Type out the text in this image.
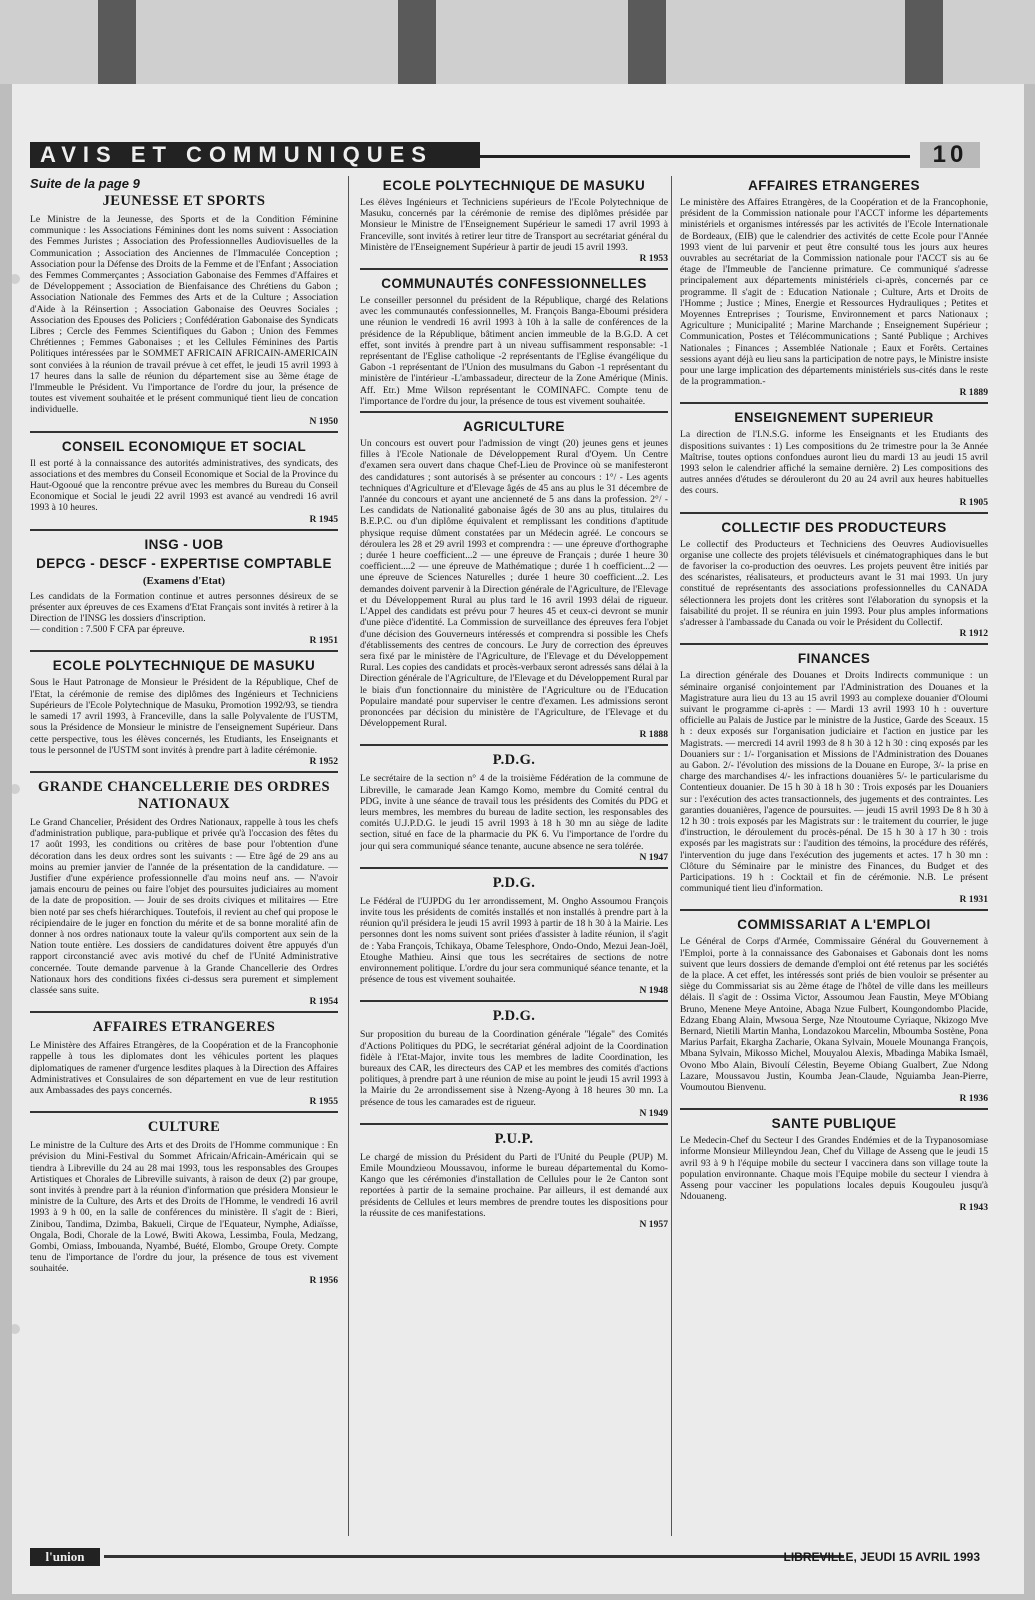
AVIS ET COMMUNIQUES	10
Suite de la page 9
JEUNESSE ET SPORTS

Le Ministre de la Jeunesse, des Sports et de la Condition Féminine communique : les Associations Féminines dont les noms suivent : Association des Femmes Juristes ; Association des Professionnelles Audiovisuelles de la Communication ; Association des Anciennes de l'Immaculée Conception ; Association pour la Défense des Droits de la Femme et de l'Enfant ; Association des Femmes Commerçantes ; Association Gabonaise des Femmes d'Affaires et de Développement ; Association de Bienfaisance des Chrétiens du Gabon ; Association Nationale des Femmes des Arts et de la Culture ; Association d'Aide à la Réinsertion ; Association Gabonaise des Oeuvres Sociales ; Association des Epouses des Policiers ; Confédération Gabonaise des Syndicats Libres ; Cercle des Femmes Scientifiques du Gabon ; Union des Femmes Chrétiennes ; Femmes Gabonaises ; et les Cellules Féminines des Partis Politiques intéressées par le SOMMET AFRICAIN AFRICAIN-AMERICAIN sont conviées à la réunion de travail prévue à cet effet, le jeudi 15 avril 1993 à 17 heures dans la salle de réunion du département sise au 3ème étage de l'Immeuble le Président. Vu l'importance de l'ordre du jour, la présence de toutes est vivement souhaitée et le présent communiqué tient lieu de concation individuelle.

N 1950
CONSEIL ECONOMIQUE ET SOCIAL

Il est porté à la connaissance des autorités administratives, des syndicats, des associations et des membres du Conseil Economique et Social de la Province du Haut-Ogooué que la rencontre prévue avec les membres du Bureau du Conseil Economique et Social le jeudi 22 avril 1993 est avancé au vendredi 16 avril 1993 à 10 heures.

R 1945
INSG - UOB
DEPCG - DESCF - EXPERTISE COMPTABLE
(Examens d'Etat)

Les candidats de la Formation continue et autres personnes désireux de se présenter aux épreuves de ces Examens d'Etat Français sont invités à retirer à la Direction de l'INSG les dossiers d'inscription.

— condition : 7.500 F CFA par épreuve.

R 1951
ECOLE POLYTECHNIQUE DE MASUKU

Sous le Haut Patronage de Monsieur le Président de la République, Chef de l'Etat, la cérémonie de remise des diplômes des Ingénieurs et Techniciens Supérieurs de l'Ecole Polytechnique de Masuku, Promotion 1992/93, se tiendra le samedi 17 avril 1993, à Franceville, dans la salle Polyvalente de l'USTM, sous la Présidence de Monsieur le ministre de l'enseignement Supérieur. Dans cette perspective, tous les élèves concernés, les Etudiants, les Enseignants et tous le personnel de l'USTM sont invités à prendre part à ladite cérémonie.

R 1952
GRANDE CHANCELLERIE DES ORDRES NATIONAUX

Le Grand Chancelier, Président des Ordres Nationaux, rappelle à tous les chefs d'administration publique, para-publique et privée qu'à l'occasion des fêtes du 17 août 1993, les conditions ou critères de base pour l'obtention d'une décoration dans les deux ordres sont les suivants : — Etre âgé de 29 ans au moins au premier janvier de l'année de la présentation de la candidature. — Justifier d'une expérience professionnelle d'au moins neuf ans. — N'avoir jamais encouru de peines ou faire l'objet des poursuites judiciaires au moment de la date de proposition. — Jouir de ses droits civiques et militaires — Etre bien noté par ses chefs hiérarchiques. Toutefois, il revient au chef qui propose le récipiendaire de le juger en fonction du mérite et de sa bonne moralité afin de donner à nos ordres nationaux toute la valeur qu'ils comportent aux sein de la Nation toute entière. Les dossiers de candidatures doivent être appuyés d'un rapport circonstancié avec avis motivé du chef de l'Unité Administrative concernée. Toute demande parvenue à la Grande Chancellerie des Ordres Nationaux hors des conditions fixées ci-dessus sera purement et simplement classée sans suite.

R 1954
AFFAIRES ETRANGERES

Le Ministère des Affaires Etrangères, de la Coopération et de la Francophonie rappelle à tous les diplomates dont les véhicules portent les plaques diplomatiques de ramener d'urgence lesdites plaques à la Direction des Affaires Administratives et Consulaires de son département en vue de leur restitution aux Ambassades des pays concernés.

R 1955
CULTURE

Le ministre de la Culture des Arts et des Droits de l'Homme communique : En prévision du Mini-Festival du Sommet Africain/Africain-Américain qui se tiendra à Libreville du 24 au 28 mai 1993, tous les responsables des Groupes Artistiques et Chorales de Libreville suivants, à raison de deux (2) par groupe, sont invités à prendre part à la réunion d'information que présidera Monsieur le ministre de la Culture, des Arts et des Droits de l'Homme, le vendredi 16 avril 1993 à 9 h 00, en la salle de conférences du ministère. Il s'agit de : Bieri, Zinibou, Tandima, Dzimba, Bakueli, Cirque de l'Equateur, Nymphe, Adiaïsse, Ongala, Bodi, Chorale de la Lowé, Bwiti Akowa, Lessimba, Foula, Medzang, Gombi, Omiass, Imbouanda, Nyambé, Buété, Elombo, Groupe Orety. Compte tenu de l'importance de l'ordre du jour, la présence de tous est vivement souhaitée.

R 1956
ECOLE POLYTECHNIQUE DE MASUKU

Les élèves Ingénieurs et Techniciens supérieurs de l'Ecole Polytechnique de Masuku, concernés par la cérémonie de remise des diplômes présidée par Monsieur le Ministre de l'Enseignement Supérieur le samedi 17 avril 1993 à Franceville, sont invités à retirer leur titre de Transport au secrétariat général du Ministère de l'Enseignement Supérieur à partir de jeudi 15 avril 1993.

R 1953
COMMUNAUTÉS CONFESSIONNELLES

Le conseiller personnel du président de la République, chargé des Relations avec les communautés confessionnelles, M. François Banga-Eboumi présidera une réunion le vendredi 16 avril 1993 à 10h à la salle de conférences de la présidence de la République, bâtiment ancien immeuble de la B.G.D. A cet effet, sont invités à prendre part à un niveau suffisamment responsable: -1 représentant de l'Eglise catholique -2 représentants de l'Eglise évangélique du Gabon -1 représentant de l'Union des musulmans du Gabon -1 représentant du ministère de l'intérieur -L'ambassadeur, directeur de la Zone Amérique (Minis. Aff. Etr.) Mme Wilson représentant le COMINAFC. Compte tenu de l'importance de l'ordre du jour, la présence de tous est vivement souhaitée.

AGRICULTURE

Un concours est ouvert pour l'admission de vingt (20) jeunes gens et jeunes filles à l'Ecole Nationale de Développement Rural d'Oyem. Un Centre d'examen sera ouvert dans chaque Chef-Lieu de Province où se manifesteront des candidatures ; sont autorisés à se présenter au concours : 1°/ - Les agents techniques d'Agriculture et d'Elevage âgés de 45 ans au plus le 31 décembre de l'année du concours et ayant une ancienneté de 5 ans dans la profession. 2°/ - Les candidats de Nationalité gabonaise âgés de 30 ans au plus, titulaires du B.E.P.C. ou d'un diplôme équivalent et remplissant les conditions d'aptitude physique requise dûment constatées par un Médecin agréé. Le concours se déroulera les 28 et 29 avril 1993 et comprendra : — une épreuve d'orthographe ; durée 1 heure coefficient...2 — une épreuve de Français ; durée 1 heure 30 coefficient....2 — une épreuve de Mathématique ; durée 1 h coefficient...2 — une épreuve de Sciences Naturelles ; durée 1 heure 30 coefficient...2. Les demandes doivent parvenir à la Direction générale de l'Agriculture, de l'Elevage et du Développement Rural au plus tard le 16 avril 1993 délai de rigueur. L'Appel des candidats est prévu pour 7 heures 45 et ceux-ci devront se munir d'une pièce d'identité. La Commission de surveillance des épreuves fera l'objet d'une décision des Gouverneurs intéressés et comprendra si possible les Chefs d'établissements des centres de concours. Le Jury de correction des épreuves sera fixé par le ministère de l'Agriculture, de l'Elevage et du Développement Rural. Les copies des candidats et procès-verbaux seront adressés sans délai à la Direction générale de l'Agriculture, de l'Elevage et du Développement Rural par le biais d'un fonctionnaire du ministère de l'Agriculture ou de l'Education Populaire mandaté pour superviser le centre d'examen. Les admissions seront prononcées par décision du ministère de l'Agriculture, de l'Elevage et du Développement Rural.

R 1888
P.D.G.

Le secrétaire de la section n° 4 de la troisième Fédération de la commune de Libreville, le camarade Jean Kamgo Komo, membre du Comité central du PDG, invite à une séance de travail tous les présidents des Comités du PDG et leurs membres, les membres du bureau de ladite section, les responsables des comités U.J.P.D.G. le jeudi 15 avril 1993 à 18 h 30 mn au siège de ladite section, situé en face de la pharmacie du PK 6. Vu l'importance de l'ordre du jour qui sera communiqué séance tenante, aucune absence ne sera tolérée.

N 1947
P.D.G.

Le Fédéral de l'UJPDG du 1er arrondissement, M. Ongho Assoumou François invite tous les présidents de comités installés et non installés à prendre part à la réunion qu'il présidera le jeudi 15 avril 1993 à partir de 18 h 30 à la Mairie. Les personnes dont les noms suivent sont priées d'assister à ladite réunion, il s'agit de : Yaba François, Tchikaya, Obame Telesphore, Ondo-Ondo, Mezui Jean-Joël, Etoughe Mathieu. Ainsi que tous les secrétaires de sections de notre environnement politique. L'ordre du jour sera communiqué séance tenante, et la présence de tous est vivement souhaitée.

N 1948
P.D.G.

Sur proposition du bureau de la Coordination générale "légale" des Comités d'Actions Politiques du PDG, le secrétariat général adjoint de la Coordination fidèle à l'Etat-Major, invite tous les membres de ladite Coordination, les bureaux des CAR, les directeurs des CAP et les membres des comités d'actions politiques, à prendre part à une réunion de mise au point le jeudi 15 avril 1993 à la Mairie du 2e arrondissement sise à Nzeng-Ayong à 18 heures 30 mn. La présence de tous les camarades est de rigueur.

N 1949
P.U.P.

Le chargé de mission du Président du Parti de l'Unité du Peuple (PUP) M. Emile Moundzieou Moussavou, informe le bureau départemental du Komo-Kango que les cérémonies d'installation de Cellules pour le 2e Canton sont reportées à partir de la semaine prochaine. Par ailleurs, il est demandé aux présidents de Cellules et leurs membres de prendre toutes les dispositions pour la réussite de ces manifestations.

N 1957
AFFAIRES ETRANGERES

Le ministère des Affaires Etrangères, de la Coopération et de la Francophonie, président de la Commission nationale pour l'ACCT informe les départements ministériels et organismes intéressés par les activités de l'Ecole Internationale de Bordeaux, (EIB) que le calendrier des activités de cette Ecole pour l'Année 1993 vient de lui parvenir et peut être consulté tous les jours aux heures ouvrables au secrétariat de la Commission nationale pour l'ACCT sis au 6e étage de l'Immeuble de l'ancienne primature. Ce communiqué s'adresse principalement aux départements ministériels ci-après, concernés par ce programme. Il s'agit de : Education Nationale ; Culture, Arts et Droits de l'Homme ; Justice ; Mines, Energie et Ressources Hydrauliques ; Petites et Moyennes Entreprises ; Tourisme, Environnement et parcs Nationaux ; Agriculture ; Municipalité ; Marine Marchande ; Enseignement Supérieur ; Communication, Postes et Télécommunications ; Santé Publique ; Archives Nationales ; Finances ; Assemblée Nationale ; Eaux et Forêts. Certaines sessions ayant déjà eu lieu sans la participation de notre pays, le Ministre insiste pour une large implication des départements ministériels sus-cités dans le reste de la programmation.-

R 1889
ENSEIGNEMENT SUPERIEUR

La direction de l'I.N.S.G. informe les Enseignants et les Etudiants des dispositions suivantes : 1) Les compositions du 2e trimestre pour la 3e Année Maîtrise, toutes options confondues auront lieu du mardi 13 au jeudi 15 avril 1993 selon le calendrier affiché la semaine dernière. 2) Les compositions des autres années d'études se dérouleront du 20 au 24 avril aux heures habituelles des cours.

R 1905
COLLECTIF DES PRODUCTEURS

Le collectif des Producteurs et Techniciens des Oeuvres Audiovisuelles organise une collecte des projets télévisuels et cinématographiques dans le but de favoriser la co-production des oeuvres. Les projets peuvent être initiés par des scénaristes, réalisateurs, et producteurs avant le 31 mai 1993. Un jury constitué de représentants des associations professionnelles du CANADA sélectionnera les projets dont les critères sont l'élaboration du synopsis et la faisabilité du projet. Il se réunira en juin 1993. Pour plus amples informations s'adresser à l'ambassade du Canada ou voir le Président du Collectif.

R 1912
FINANCES

La direction générale des Douanes et Droits Indirects communique : un séminaire organisé conjointement par l'Administration des Douanes et la Magistrature aura lieu du 13 au 15 avril 1993 au complexe douanier d'Oloumi suivant le programme ci-après : — Mardi 13 avril 1993 10 h : ouverture officielle au Palais de Justice par le ministre de la Justice, Garde des Sceaux. 15 h : deux exposés sur l'organisation judiciaire et l'action en justice par les Magistrats. — mercredi 14 avril 1993 de 8 h 30 à 12 h 30 : cinq exposés par les Douaniers sur : 1/- l'organisation et Missions de l'Administration des Douanes au Gabon. 2/- l'évolution des missions de la Douane en Europe, 3/- la prise en charge des marchandises 4/- les infractions douanières 5/- le particularisme du Contentieux douanier. De 15 h 30 à 18 h 30 : Trois exposés par les Douaniers sur : l'exécution des actes transactionnels, des jugements et des contraintes. Les garanties douanières, l'agence de poursuites. — jeudi 15 avril 1993 De 8 h 30 à 12 h 30 : trois exposés par les Magistrats sur : le traitement du courrier, le juge d'instruction, le déroulement du procès-pénal. De 15 h 30 à 17 h 30 : trois exposés par les magistrats sur : l'audition des témoins, la procédure des référés, l'intervention du juge dans l'exécution des jugements et actes. 17 h 30 mn : Clôture du Séminaire par le ministre des Finances, du Budget et des Participations. 19 h : Cocktail et fin de cérémonie. N.B. Le présent communiqué tient lieu d'information.

R 1931
COMMISSARIAT A L'EMPLOI

Le Général de Corps d'Armée, Commissaire Général du Gouvernement à l'Emploi, porte à la connaissance des Gabonaises et Gabonais dont les noms suivent que leurs dossiers de demande d'emploi ont été retenus par les sociétés de la place. A cet effet, les intéressés sont priés de bien vouloir se présenter au siège du Commissariat sis au 2ème étage de l'hôtel de ville dans les meilleurs délais. Il s'agit de : Ossima Victor, Assoumou Jean Faustin, Meye M'Obiang Bruno, Menene Meye Antoine, Abaga Nzue Fulbert, Koungondombo Placide, Edzang Ebang Alain, Mwsoua Serge, Nze Ntoutoume Cyriaque, Nkizogo Mve Bernard, Nietili Martin Manha, Londazokou Marcelin, Mboumba Sostène, Pona Marius Parfait, Ekargha Zacharie, Okana Sylvain, Mouele Mounanga François, Mbana Sylvain, Mikosso Michel, Mouyalou Alexis, Mbadinga Mabika Ismaël, Ovono Mbo Alain, Bivoulí Célestin, Beyeme Obiang Gualbert, Zue Ndong Lazare, Moussavou Justin, Koumba Jean-Claude, Nguiamba Jean-Pierre, Voumoutou Bienvenu.

R 1936
SANTE PUBLIQUE

Le Medecin-Chef du Secteur I des Grandes Endémies et de la Trypanosomiase informe Monsieur Milleyndou Jean, Chef du Village de Asseng que le jeudi 15 avril 93 à 9 h l'équipe mobile du secteur I vaccinera dans son village toute la population environnante. Chaque mois l'Equipe mobile du secteur I viendra à Asseng pour vacciner les populations locales depuis Kougouleu jusqu'à Ndouaneng.

R 1943
l'union	LIBREVILLE, JEUDI 15 AVRIL 1993
